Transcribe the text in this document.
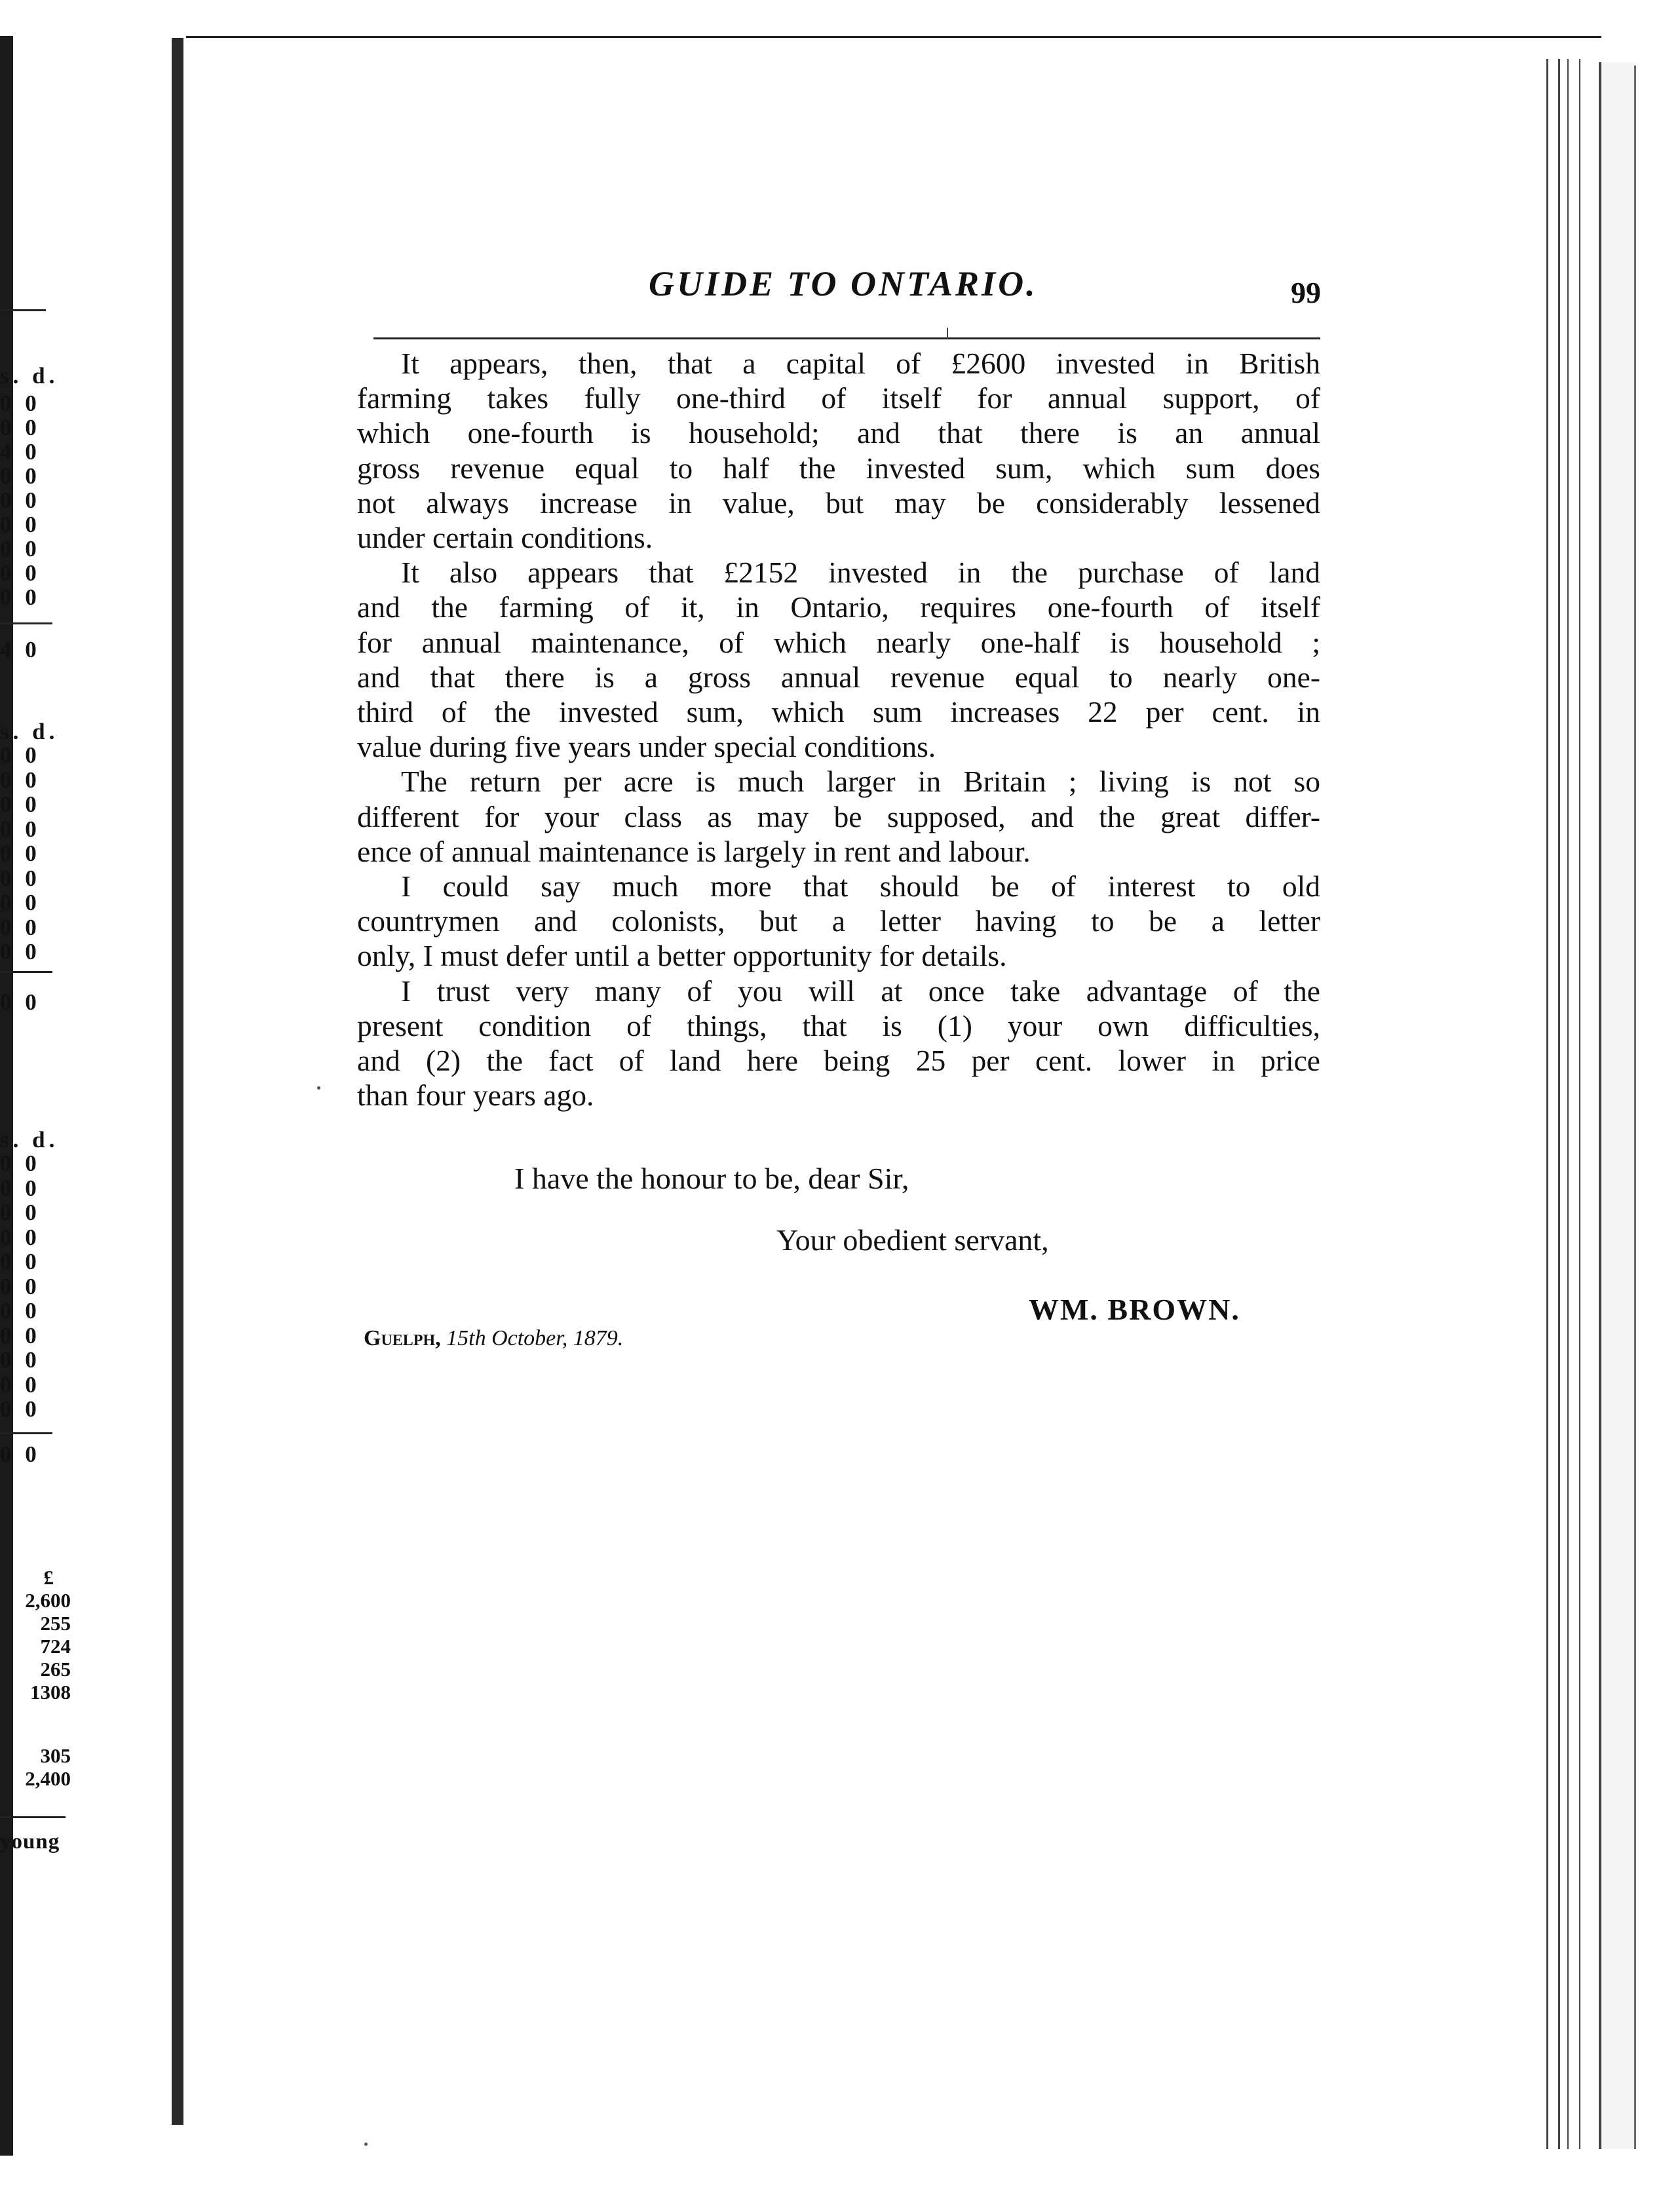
s. d.
0 0
0 0
4 0
0 0
0 0
0 0
0 0
0 0
0 0
4 0
s. d.
0 0
0 0
0 0
0 0
0 0
0 0
0 0
0 0
0 0
0 0
s. d.
0 0
0 0
0 0
0 0
0 0
0 0
0 0
0 0
0 0
0 0
0 0
0 0
£
2,600
255
724
265
1308
305
2,400
young
GUIDE TO ONTARIO.	99
It appears, then, that a capital of £2600 invested in British
farming takes fully one-third of itself for annual support, of
which one-fourth is household; and that there is an annual
gross revenue equal to half the invested sum, which sum does
not always increase in value, but may be considerably lessened
under certain conditions.
It also appears that £2152 invested in the purchase of land
and the farming of it, in Ontario, requires one-fourth of itself
for annual maintenance, of which nearly one-half is household ;
and that there is a gross annual revenue equal to nearly one-
third of the invested sum, which sum increases 22 per cent. in
value during five years under special conditions.
The return per acre is much larger in Britain ; living is not so
different for your class as may be supposed, and the great differ-
ence of annual maintenance is largely in rent and labour.
I could say much more that should be of interest to old
countrymen and colonists, but a letter having to be a letter
only, I must defer until a better opportunity for details.
I trust very many of you will at once take advantage of the
present condition of things, that is (1) your own difficulties,
and (2) the fact of land here being 25 per cent. lower in price
than four years ago.
I have the honour to be, dear Sir,
Your obedient servant,
WM. BROWN.
Guelph, 15th October, 1879.
